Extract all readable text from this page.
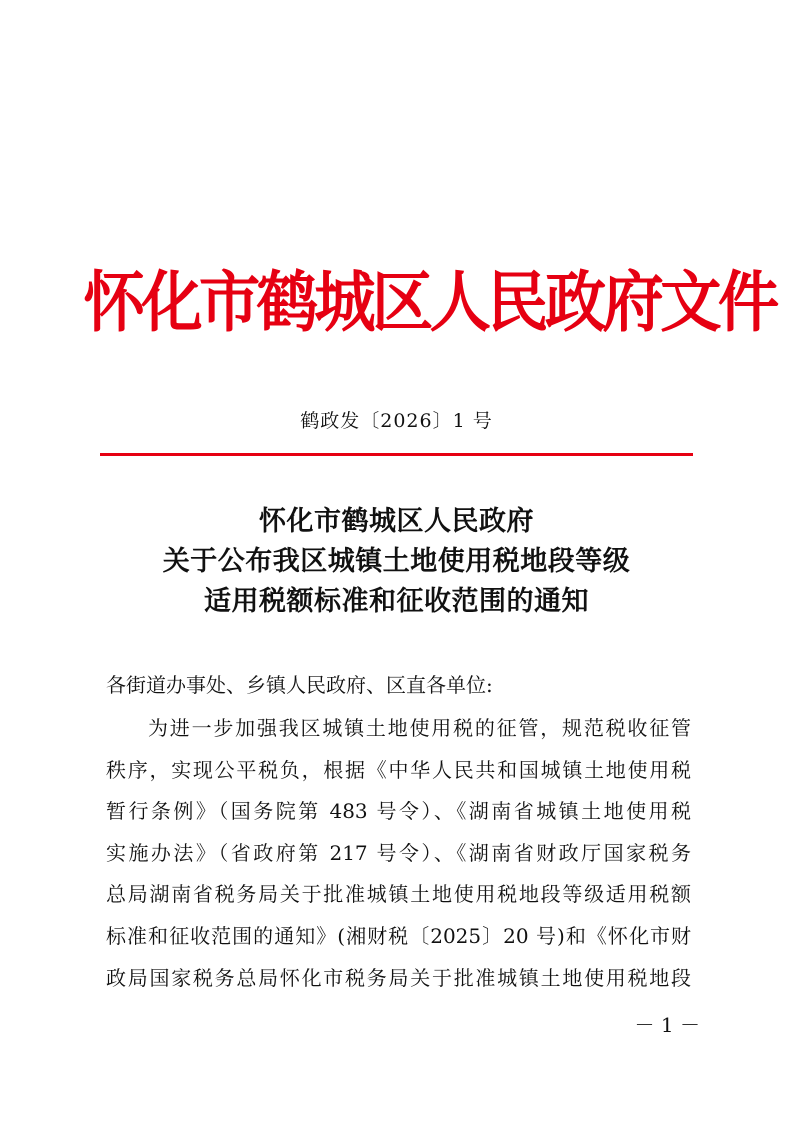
怀化市鹤城区人民政府文件
鹤政发〔2026〕1 号
怀化市鹤城区人民政府
关于公布我区城镇土地使用税地段等级
适用税额标准和征收范围的通知
各街道办事处、乡镇人民政府、区直各单位:
为进一步加强我区城镇土地使用税的征管，规范税收征管
秩序，实现公平税负，根据《中华人民共和国城镇土地使用税
暂行条例》（国务院第 483 号令）、《湖南省城镇土地使用税
实施办法》（省政府第 217 号令）、《湖南省财政厅国家税务
总局湖南省税务局关于批准城镇土地使用税地段等级适用税额
标准和征收范围的通知》(湘财税〔2025〕20 号)和《怀化市财
政局国家税务总局怀化市税务局关于批准城镇土地使用税地段
－ 1 －
